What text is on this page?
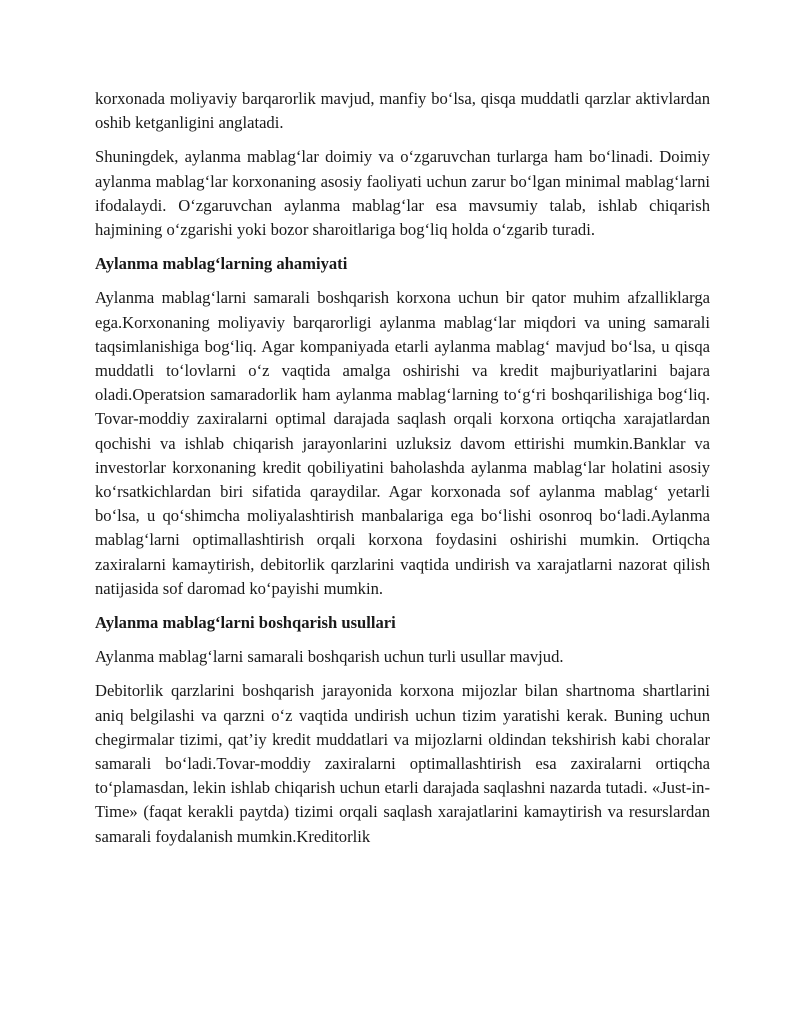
korxonada moliyaviy barqarorlik mavjud, manfiy bo‘lsa, qisqa muddatli qarzlar aktivlardan oshib ketganligini anglatadi.

Shuningdek, aylanma mablag‘lar doimiy va o‘zgaruvchan turlarga ham bo‘linadi. Doimiy aylanma mablag‘lar korxonaning asosiy faoliyati uchun zarur bo‘lgan minimal mablag‘larni ifodalaydi. O‘zgaruvchan aylanma mablag‘lar esa mavsumiy talab, ishlab chiqarish hajmining o‘zgarishi yoki bozor sharoitlariga bog‘liq holda o‘zgarib turadi.

Aylanma mablag‘larning ahamiyati

Aylanma mablag‘larni samarali boshqarish korxona uchun bir qator muhim afzalliklarga ega.Korxonaning moliyaviy barqarorligi aylanma mablag‘lar miqdori va uning samarali taqsimlanishiga bog‘liq. Agar kompaniyada etarli aylanma mablag‘ mavjud bo‘lsa, u qisqa muddatli to‘lovlarni o‘z vaqtida amalga oshirishi va kredit majburiyatlarini bajara oladi.Operatsion samaradorlik ham aylanma mablag‘larning to‘g‘ri boshqarilishiga bog‘liq. Tovar-moddiy zaxiralarni optimal darajada saqlash orqali korxona ortiqcha xarajatlardan qochishi va ishlab chiqarish jarayonlarini uzluksiz davom ettirishi mumkin.Banklar va investorlar korxonaning kredit qobiliyatini baholashda aylanma mablag‘lar holatini asosiy ko‘rsatkichlardan biri sifatida qaraydilar. Agar korxonada sof aylanma mablag‘ yetarli bo‘lsa, u qo‘shimcha moliyalashtirish manbalariga ega bo‘lishi osonroq bo‘ladi.Aylanma mablag‘larni optimallashtirish orqali korxona foydasini oshirishi mumkin. Ortiqcha zaxiralarni kamaytirish, debitorlik qarzlarini vaqtida undirish va xarajatlarni nazorat qilish natijasida sof daromad ko‘payishi mumkin.

Aylanma mablag‘larni boshqarish usullari

Aylanma mablag‘larni samarali boshqarish uchun turli usullar mavjud.

Debitorlik qarzlarini boshqarish jarayonida korxona mijozlar bilan shartnoma shartlarini aniq belgilashi va qarzni o‘z vaqtida undirish uchun tizim yaratishi kerak. Buning uchun chegirmalar tizimi, qat’iy kredit muddatlari va mijozlarni oldindan tekshirish kabi choralar samarali bo‘ladi.Tovar-moddiy zaxiralarni optimallashtirish esa zaxiralarni ortiqcha to‘plamasdan, lekin ishlab chiqarish uchun etarli darajada saqlashni nazarda tutadi. «Just-in-Time» (faqat kerakli paytda) tizimi orqali saqlash xarajatlarini kamaytirish va resurslardan samarali foydalanish mumkin.Kreditorlik
